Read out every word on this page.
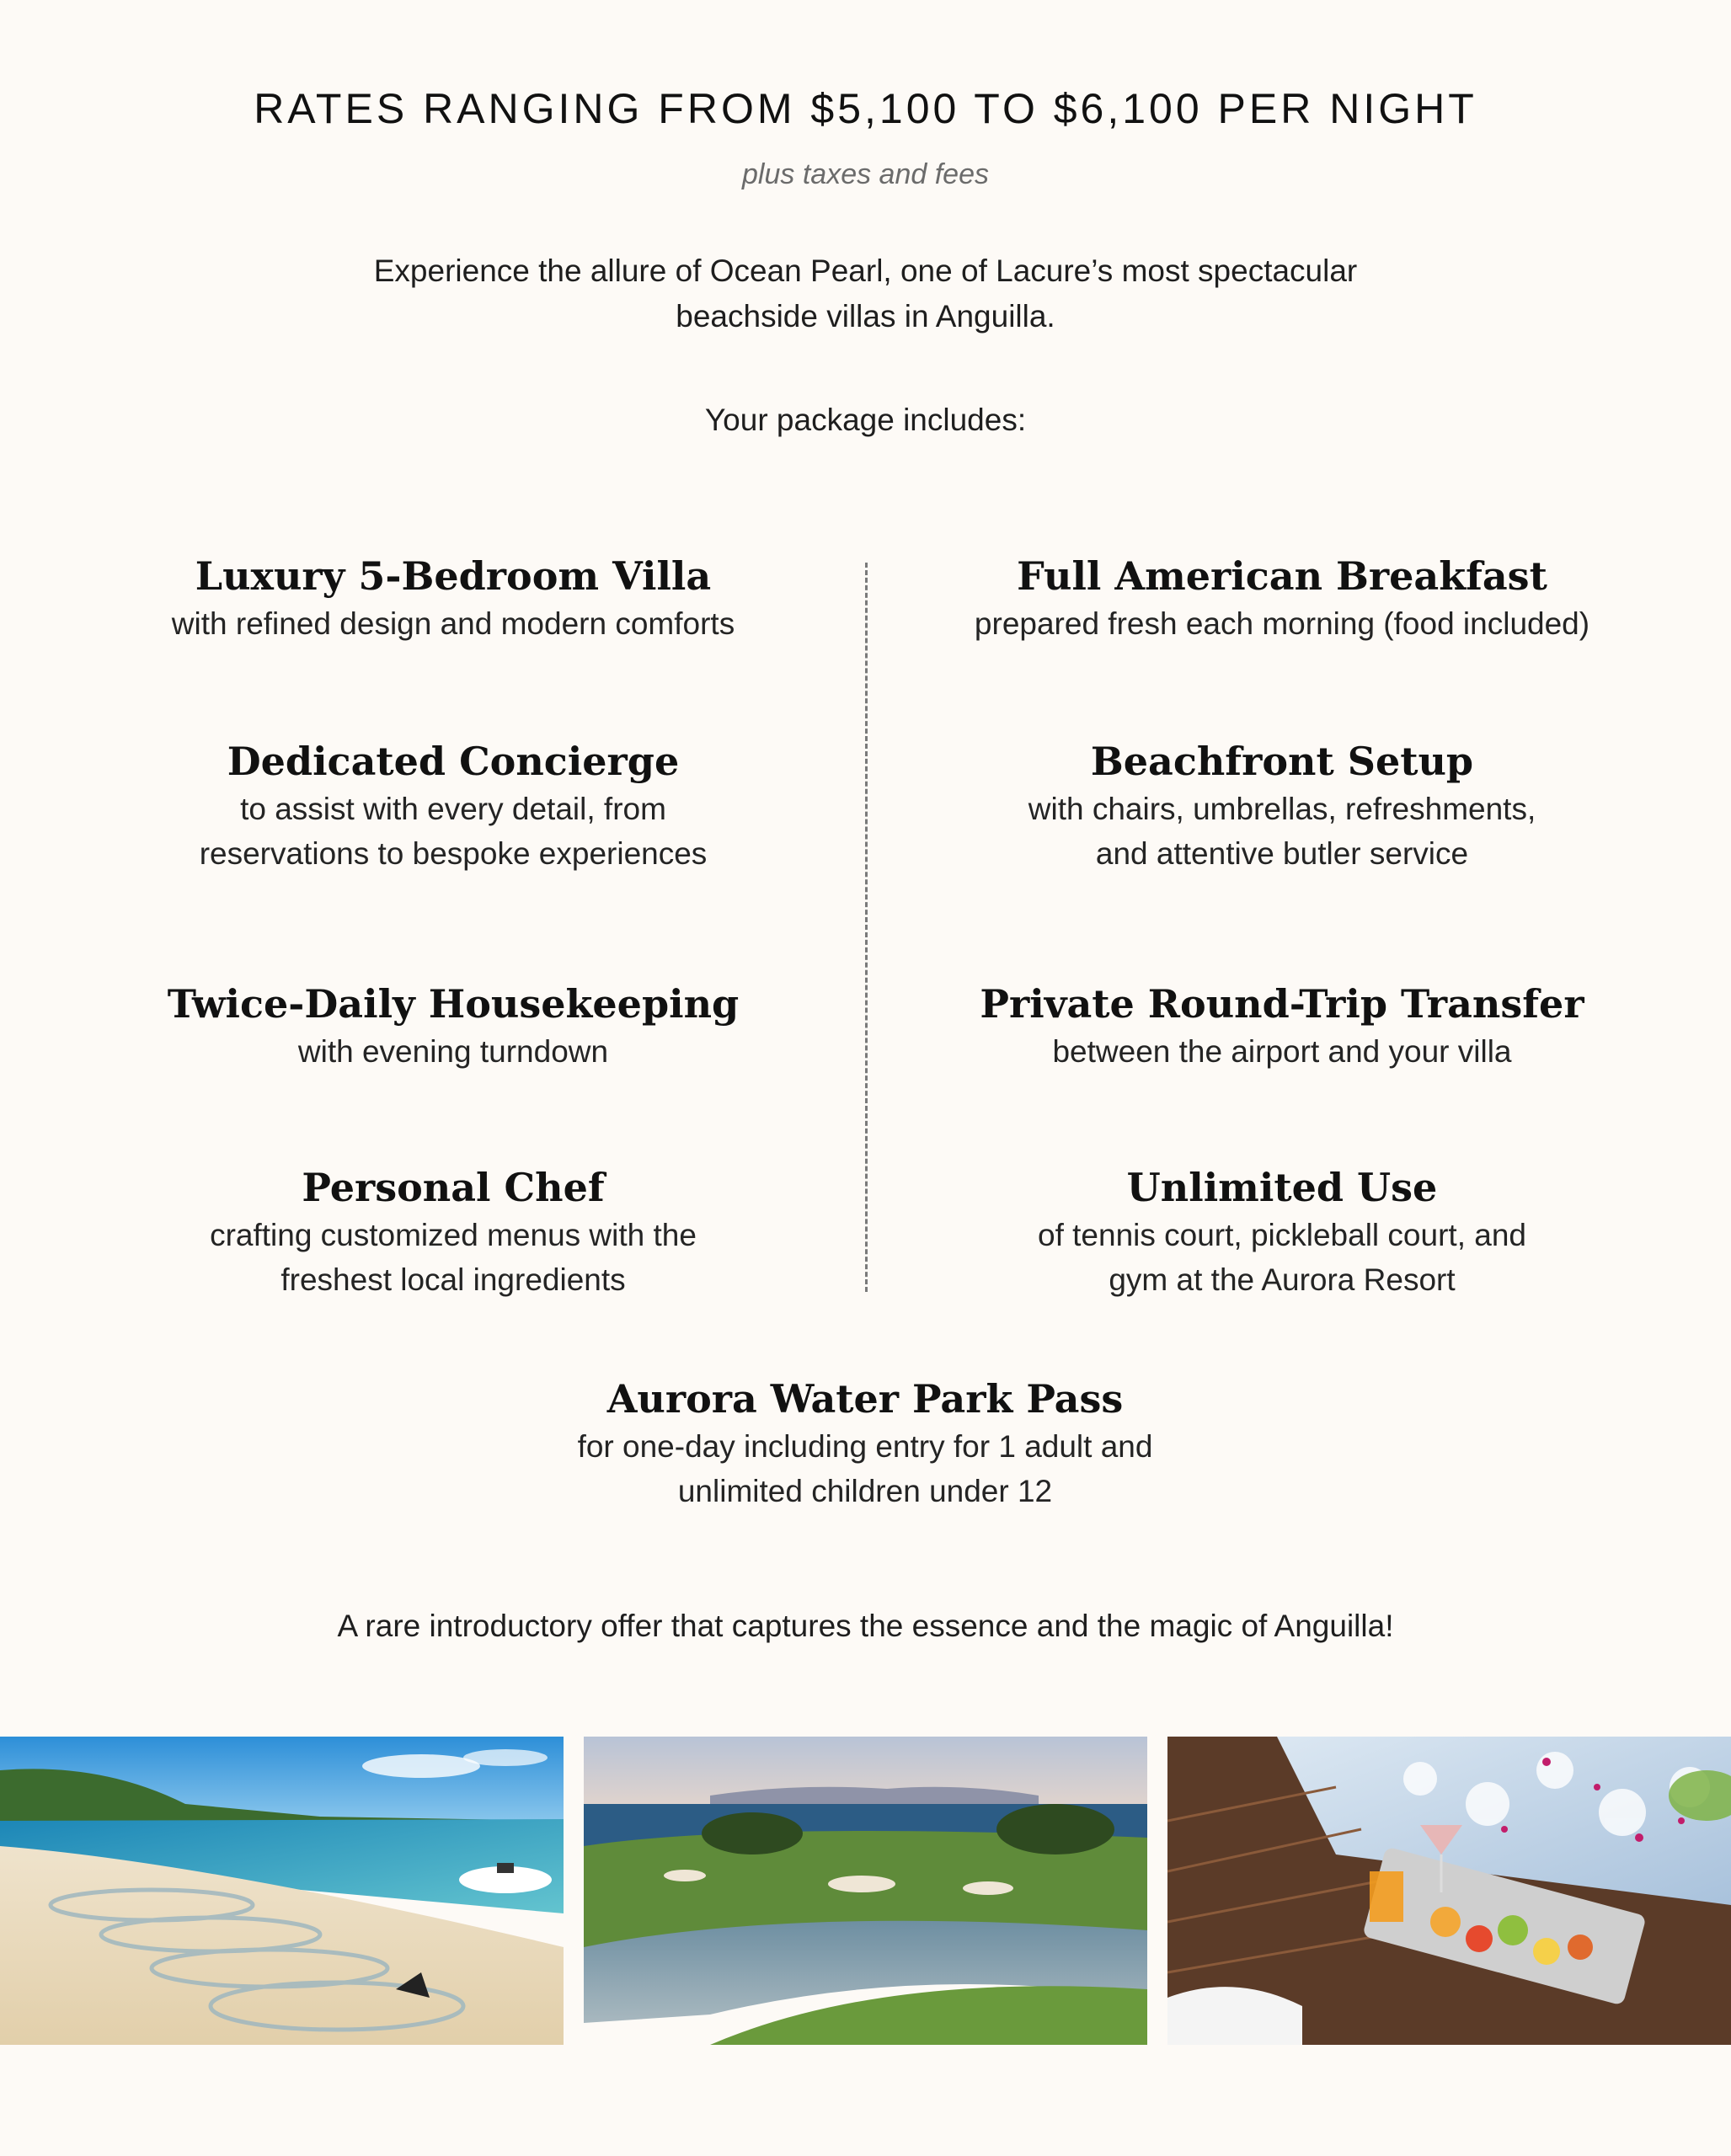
RATES RANGING FROM $5,100 TO $6,100 PER NIGHT
plus taxes and fees
Experience the allure of Ocean Pearl, one of Lacure’s most spectacular
beachside villas in Anguilla.
Your package includes:
Luxury 5-Bedroom Villa
with refined design and modern comforts
Full American Breakfast
prepared fresh each morning (food included)
Dedicated Concierge
to assist with every detail, from
reservations to bespoke experiences
Beachfront Setup
with chairs, umbrellas, refreshments,
and attentive butler service
Twice-Daily Housekeeping
with evening turndown
Private Round-Trip Transfer
between the airport and your villa
Personal Chef
crafting customized menus with the
freshest local ingredients
Unlimited Use
of tennis court, pickleball court, and
gym at the Aurora Resort
Aurora Water Park Pass
for one-day including entry for 1 adult and
unlimited children under 12
A rare introductory offer that captures the essence and the magic of Anguilla!
